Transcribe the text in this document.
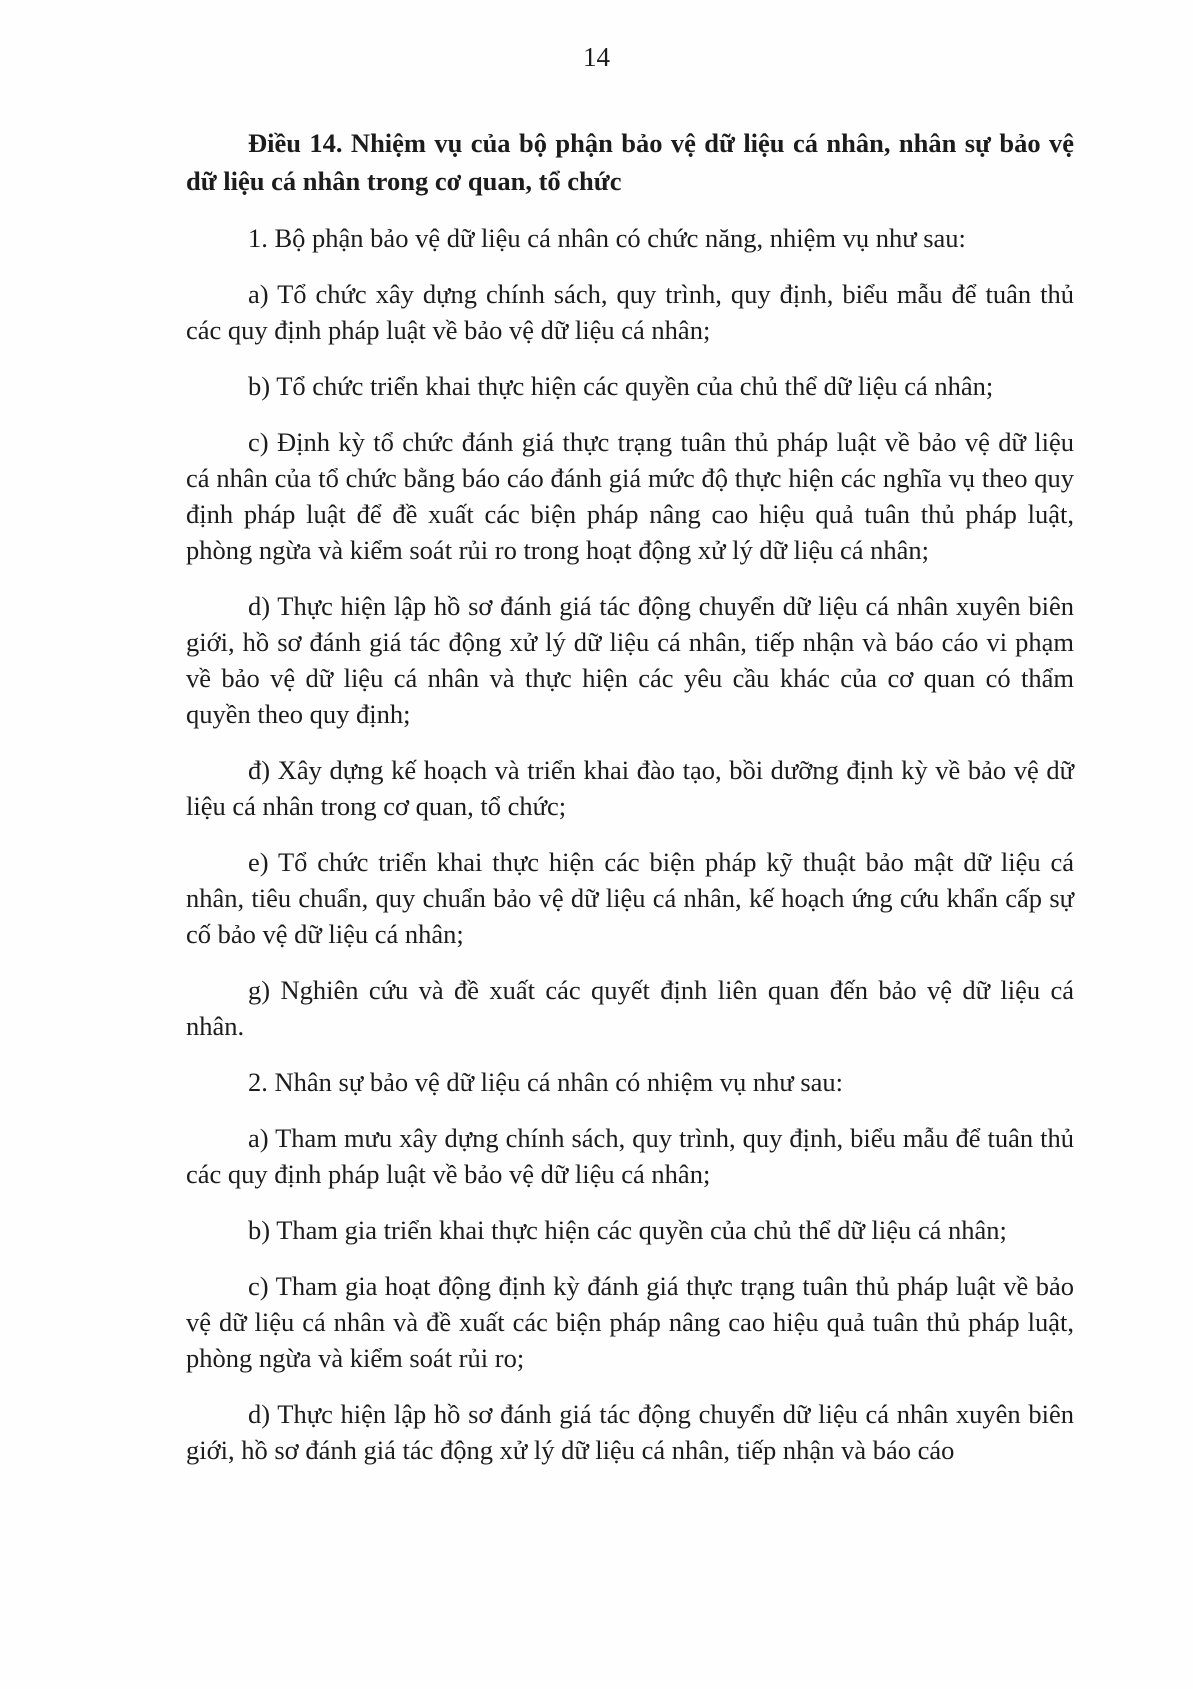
14

Điều 14. Nhiệm vụ của bộ phận bảo vệ dữ liệu cá nhân, nhân sự bảo vệ dữ liệu cá nhân trong cơ quan, tổ chức

1. Bộ phận bảo vệ dữ liệu cá nhân có chức năng, nhiệm vụ như sau:

a) Tổ chức xây dựng chính sách, quy trình, quy định, biểu mẫu để tuân thủ các quy định pháp luật về bảo vệ dữ liệu cá nhân;

b) Tổ chức triển khai thực hiện các quyền của chủ thể dữ liệu cá nhân;

c) Định kỳ tổ chức đánh giá thực trạng tuân thủ pháp luật về bảo vệ dữ liệu cá nhân của tổ chức bằng báo cáo đánh giá mức độ thực hiện các nghĩa vụ theo quy định pháp luật để đề xuất các biện pháp nâng cao hiệu quả tuân thủ pháp luật, phòng ngừa và kiểm soát rủi ro trong hoạt động xử lý dữ liệu cá nhân;

d) Thực hiện lập hồ sơ đánh giá tác động chuyển dữ liệu cá nhân xuyên biên giới, hồ sơ đánh giá tác động xử lý dữ liệu cá nhân, tiếp nhận và báo cáo vi phạm về bảo vệ dữ liệu cá nhân và thực hiện các yêu cầu khác của cơ quan có thẩm quyền theo quy định;

đ) Xây dựng kế hoạch và triển khai đào tạo, bồi dưỡng định kỳ về bảo vệ dữ liệu cá nhân trong cơ quan, tổ chức;

e) Tổ chức triển khai thực hiện các biện pháp kỹ thuật bảo mật dữ liệu cá nhân, tiêu chuẩn, quy chuẩn bảo vệ dữ liệu cá nhân, kế hoạch ứng cứu khẩn cấp sự cố bảo vệ dữ liệu cá nhân;

g) Nghiên cứu và đề xuất các quyết định liên quan đến bảo vệ dữ liệu cá nhân.

2. Nhân sự bảo vệ dữ liệu cá nhân có nhiệm vụ như sau:

a) Tham mưu xây dựng chính sách, quy trình, quy định, biểu mẫu để tuân thủ các quy định pháp luật về bảo vệ dữ liệu cá nhân;

b) Tham gia triển khai thực hiện các quyền của chủ thể dữ liệu cá nhân;

c) Tham gia hoạt động định kỳ đánh giá thực trạng tuân thủ pháp luật về bảo vệ dữ liệu cá nhân và đề xuất các biện pháp nâng cao hiệu quả tuân thủ pháp luật, phòng ngừa và kiểm soát rủi ro;

d) Thực hiện lập hồ sơ đánh giá tác động chuyển dữ liệu cá nhân xuyên biên giới, hồ sơ đánh giá tác động xử lý dữ liệu cá nhân, tiếp nhận và báo cáo
